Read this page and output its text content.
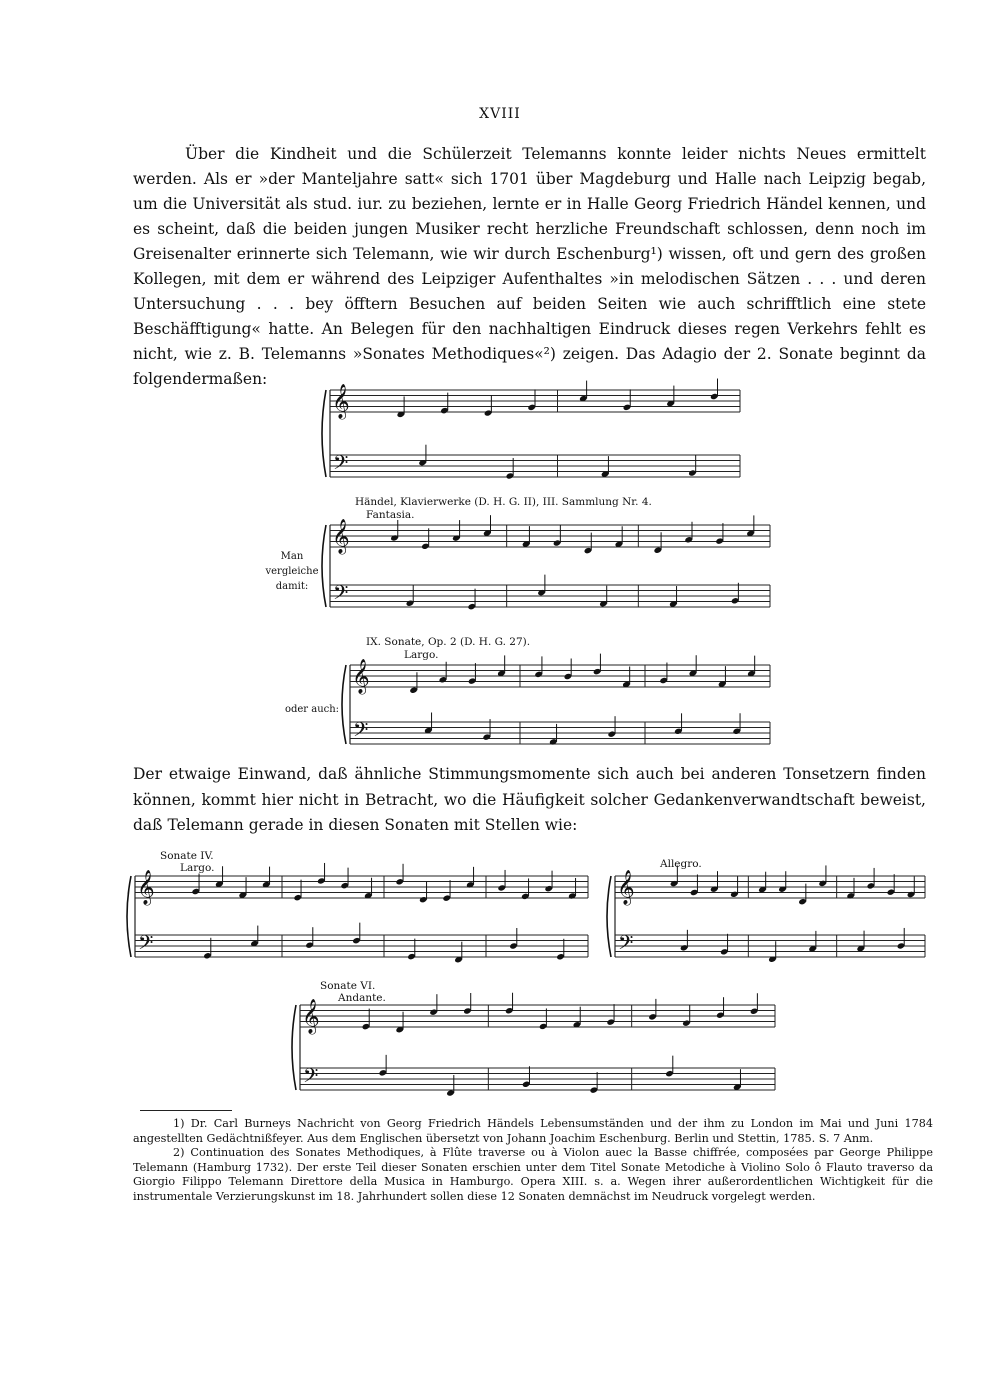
XVIII

Über die Kindheit und die Schülerzeit Telemanns konnte leider nichts Neues ermittelt werden. Als er »der Manteljahre satt« sich 1701 über Magdeburg und Halle nach Leipzig begab, um die Universität als stud. iur. zu beziehen, lernte er in Halle Georg Friedrich Händel kennen, und es scheint, daß die beiden jungen Musiker recht herzliche Freundschaft schlossen, denn noch im Greisenalter erinnerte sich Telemann, wie wir durch Eschenburg¹) wissen, oft und gern des großen Kollegen, mit dem er während des Leipziger Aufenthaltes »in melodischen Sätzen . . . und deren Untersuchung . . . bey öfftern Besuchen auf beiden Seiten wie auch schrifftlich eine stete Beschäfftigung« hatte. An Belegen für den nachhaltigen Eindruck dieses regen Verkehrs fehlt es nicht, wie z. B. Telemanns »Sonates Methodiques«²) zeigen. Das Adagio der 2. Sonate beginnt da folgendermaßen:

𝄞
𝄢
𝄞
𝄢
𝄞
𝄢
𝄞
𝄢
𝄞
𝄢
𝄞
𝄢
Händel, Klavierwerke (D. H. G. II), III. Sammlung Nr. 4.
Fantasia.
Man
vergleiche
damit:
IX. Sonate, Op. 2 (D. H. G. 27).
Largo.
oder auch:

Der etwaige Einwand, daß ähnliche Stimmungsmomente sich auch bei anderen Tonsetzern finden können, kommt hier nicht in Betracht, wo die Häufigkeit solcher Gedankenverwandtschaft beweist, daß Telemann gerade in diesen Sonaten mit Stellen wie:

Sonate IV.
Largo.	Allegro.
Sonate VI.
Andante.

1) Dr. Carl Burneys Nachricht von Georg Friedrich Händels Lebensumständen und der ihm zu London im Mai und Juni 1784 angestellten Gedächtnißfeyer. Aus dem Englischen übersetzt von Johann Joachim Eschenburg. Berlin und Stettin, 1785. S. 7 Anm.

2) Continuation des Sonates Methodiques, à Flûte traverse ou à Violon auec la Basse chiffrée, composées par George Philippe Telemann (Hamburg 1732). Der erste Teil dieser Sonaten erschien unter dem Titel Sonate Metodiche à Violino Solo ô Flauto traverso da Giorgio Filippo Telemann Direttore della Musica in Hamburgo. Opera XIII. s. a. Wegen ihrer außerordentlichen Wichtigkeit für die instrumentale Verzierungskunst im 18. Jahrhundert sollen diese 12 Sonaten demnächst im Neudruck vorgelegt werden.
